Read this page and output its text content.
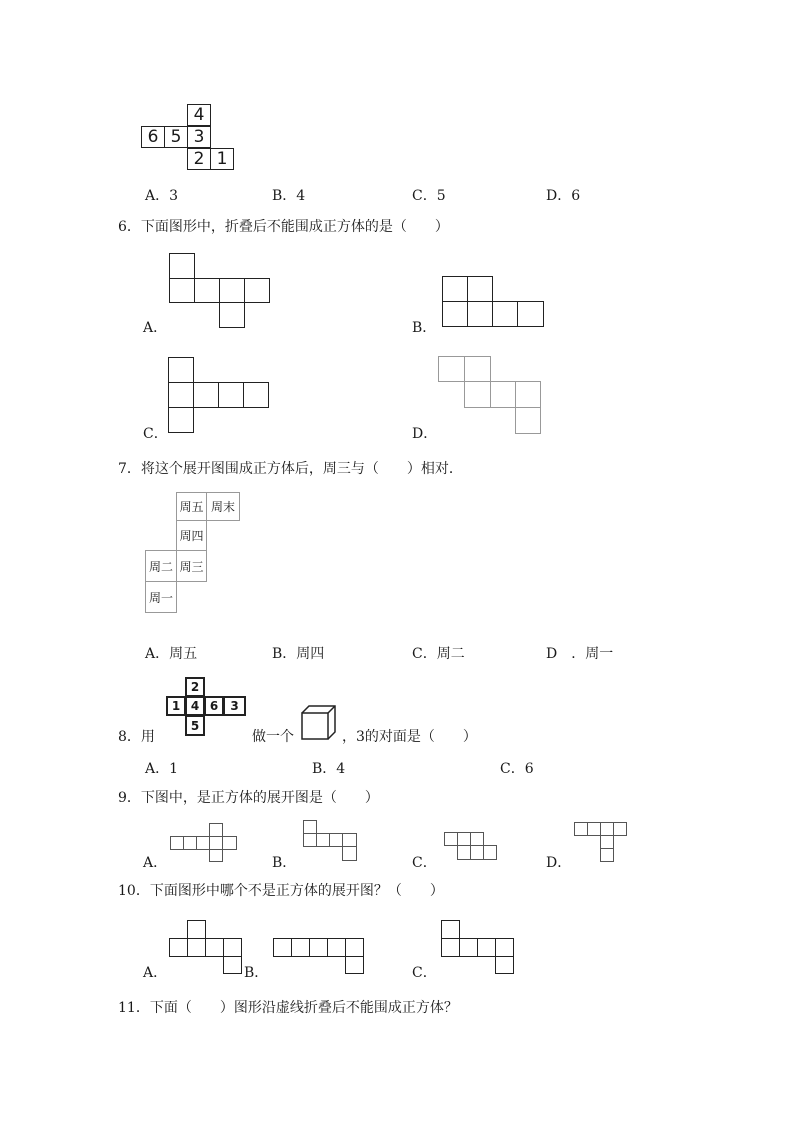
4
6 5 3
2 1
A．3	B．4	C．5	D．6
6．下面图形中，折叠后不能围成正方体的是（　　）
A．	B．
C．	D．
7．将这个展开图围成正方体后，周三与（　　）相对．
周五 周末
周四
周二 周三
周一
A．周五	B．周四	C．周二	D　．周一
8．用
2
1 4 6	3
5
做一个	，3的对面是（　　）
A．1	B．4	C．6
9．下图中，是正方体的展开图是（　　）
A．	B．	C．	D．
10．下面图形中哪个不是正方体的展开图？（　　）
A．	B．	C．
11．下面（　　）图形沿虚线折叠后不能围成正方体？
